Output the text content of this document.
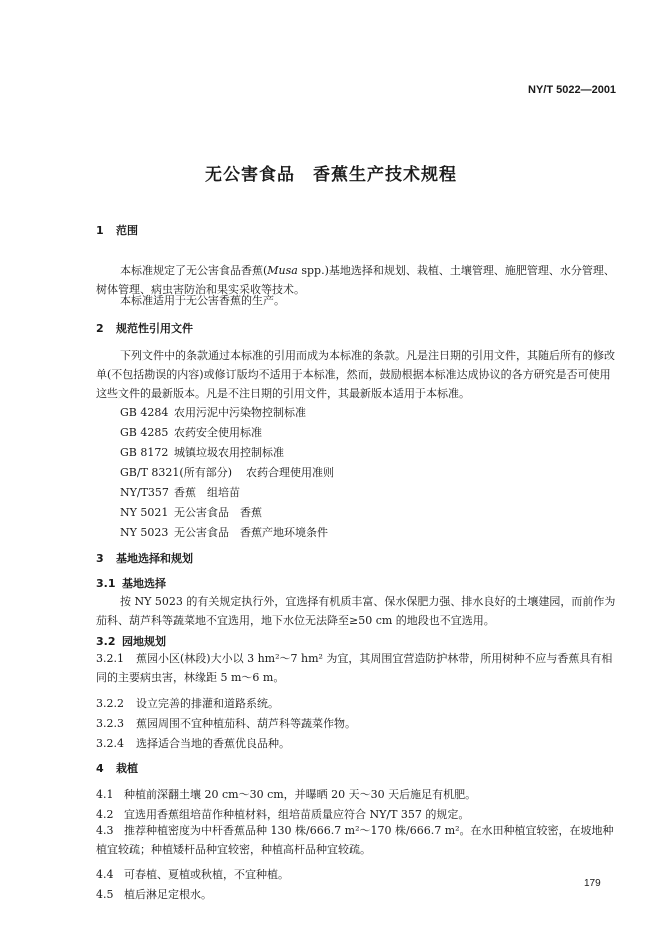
NY/T 5022—2001
无公害食品 香蕉生产技术规程
1 范围
本标准规定了无公害食品香蕉(Musa spp.)基地选择和规划、栽植、土壤管理、施肥管理、水分管理、树体管理、病虫害防治和果实采收等技术。
本标准适用于无公害香蕉的生产。
2 规范性引用文件
下列文件中的条款通过本标准的引用而成为本标准的条款。凡是注日期的引用文件，其随后所有的修改单(不包括勘误的内容)或修订版均不适用于本标准，然而，鼓励根据本标准达成协议的各方研究是否可使用这些文件的最新版本。凡是不注日期的引用文件，其最新版本适用于本标准。
GB 4284 农用污泥中污染物控制标准
GB 4285 农药安全使用标准
GB 8172 城镇垃圾农用控制标准
GB/T 8321(所有部分) 农药合理使用准则
NY/T357 香蕉　组培苗
NY 5021 无公害食品　香蕉
NY 5023 无公害食品　香蕉产地环境条件
3 基地选择和规划
3.1 基地选择
按 NY 5023 的有关规定执行外，宜选择有机质丰富、保水保肥力强、排水良好的土壤建园，而前作为茄科、葫芦科等蔬菜地不宜选用，地下水位无法降至≥50 cm 的地段也不宜选用。
3.2 园地规划
3.2.1 蕉园小区(林段)大小以 3 hm²～7 hm² 为宜，其周围宜营造防护林带，所用树种不应与香蕉具有相同的主要病虫害，林缘距 5 m～6 m。
3.2.2 设立完善的排灌和道路系统。
3.2.3 蕉园周围不宜种植茄科、葫芦科等蔬菜作物。
3.2.4 选择适合当地的香蕉优良品种。
4 栽植
4.1 种植前深翻土壤 20 cm～30 cm，并曝晒 20 天～30 天后施足有机肥。
4.2 宜选用香蕉组培苗作种植材料，组培苗质量应符合 NY/T 357 的规定。
4.3 推荐种植密度为中杆香蕉品种 130 株/666.7 m²～170 株/666.7 m²。在水田种植宜较密，在坡地种植宜较疏；种植矮杆品种宜较密，种植高杆品种宜较疏。
4.4 可春植、夏植或秋植，不宜种植。
4.5 植后淋足定根水。
179
